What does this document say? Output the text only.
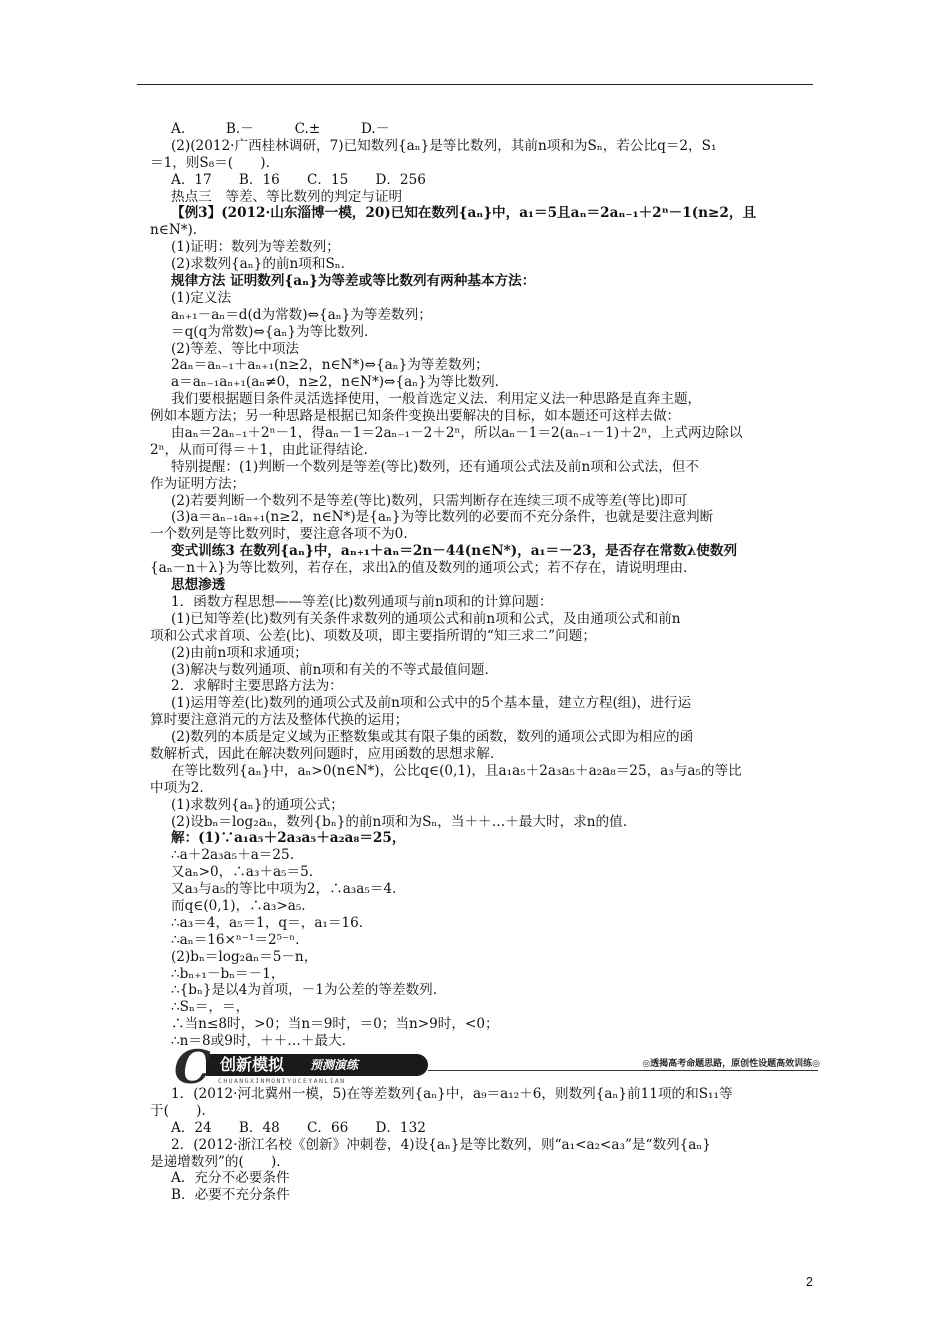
A.　　　B.－　　　C.±　　　D.－
(2)(2012·广西桂林调研，7)已知数列{aₙ}是等比数列，其前n项和为Sₙ，若公比q＝2，S₁
＝1，则S₈＝(　　).
A．17　　B．16　　C．15　　D．256
热点三　等差、等比数列的判定与证明
【例3】(2012·山东淄博一模，20)已知在数列{aₙ}中，a₁＝5且aₙ＝2aₙ₋₁＋2ⁿ－1(n≥2，且
n∈N*).
(1)证明：数列为等差数列；
(2)求数列{aₙ}的前n项和Sₙ.
规律方法 证明数列{aₙ}为等差或等比数列有两种基本方法：
(1)定义法
aₙ₊₁－aₙ＝d(d为常数)⇔{aₙ}为等差数列；
＝q(q为常数)⇔{aₙ}为等比数列.
(2)等差、等比中项法
2aₙ＝aₙ₋₁＋aₙ₊₁(n≥2，n∈N*)⇔{aₙ}为等差数列；
a＝aₙ₋₁aₙ₊₁(aₙ≠0，n≥2，n∈N*)⇔{aₙ}为等比数列.
我们要根据题目条件灵活选择使用，一般首选定义法．利用定义法一种思路是直奔主题，
例如本题方法；另一种思路是根据已知条件变换出要解决的目标，如本题还可这样去做：
由aₙ＝2aₙ₋₁＋2ⁿ－1，得aₙ－1＝2aₙ₋₁－2＋2ⁿ，所以aₙ－1＝2(aₙ₋₁－1)＋2ⁿ，上式两边除以
2ⁿ，从而可得＝＋1，由此证得结论.
特别提醒：(1)判断一个数列是等差(等比)数列，还有通项公式法及前n项和公式法，但不
作为证明方法；
(2)若要判断一个数列不是等差(等比)数列，只需判断存在连续三项不成等差(等比)即可
(3)a＝aₙ₋₁aₙ₊₁(n≥2，n∈N*)是{aₙ}为等比数列的必要而不充分条件，也就是要注意判断
一个数列是等比数列时，要注意各项不为0.
变式训练3 在数列{aₙ}中，aₙ₊₁＋aₙ＝2n－44(n∈N*)，a₁＝－23，是否存在常数λ使数列
{aₙ－n＋λ}为等比数列，若存在，求出λ的值及数列的通项公式；若不存在，请说明理由.
思想渗透
1．函数方程思想——等差(比)数列通项与前n项和的计算问题：
(1)已知等差(比)数列有关条件求数列的通项公式和前n项和公式，及由通项公式和前n
项和公式求首项、公差(比)、项数及项，即主要指所谓的“知三求二”问题；
(2)由前n项和求通项；
(3)解决与数列通项、前n项和有关的不等式最值问题.
2．求解时主要思路方法为：
(1)运用等差(比)数列的通项公式及前n项和公式中的5个基本量，建立方程(组)，进行运
算时要注意消元的方法及整体代换的运用；
(2)数列的本质是定义域为正整数集或其有限子集的函数，数列的通项公式即为相应的函
数解析式，因此在解决数列问题时，应用函数的思想求解.
在等比数列{aₙ}中，aₙ>0(n∈N*)，公比q∈(0,1)，且a₁a₅＋2a₃a₅＋a₂a₈＝25，a₃与a₅的等比
中项为2.
(1)求数列{aₙ}的通项公式；
(2)设bₙ＝log₂aₙ，数列{bₙ}的前n项和为Sₙ，当＋＋…＋最大时，求n的值.
解：(1)∵a₁a₅＋2a₃a₅＋a₂a₈＝25，
∴a＋2a₃a₅＋a＝25.
又aₙ>0，∴a₃＋a₅＝5.
又a₃与a₅的等比中项为2，∴a₃a₅＝4.
而q∈(0,1)，∴a₃>a₅.
∴a₃＝4，a₅＝1，q＝，a₁＝16.
∴aₙ＝16×ⁿ⁻¹＝2⁵⁻ⁿ.
(2)bₙ＝log₂aₙ＝5－n，
∴bₙ₊₁－bₙ＝－1，
∴{bₙ}是以4为首项，－1为公差的等差数列.
∴Sₙ＝，＝，
∴当n≤8时，>0；当n＝9时，＝0；当n>9时，<0；
∴n＝8或9时，＋＋…＋最大.
C 创新模拟 预测演练
CHUANGXINMONIYUCEYANLIAN
◎透揭高考命题思路，原创性设题高效训练◎
1．(2012·河北冀州一模，5)在等差数列{aₙ}中，a₉＝a₁₂＋6，则数列{aₙ}前11项的和S₁₁等
于(　　).
A．24　　B．48　　C．66　　D．132
2．(2012·浙江名校《创新》冲刺卷，4)设{aₙ}是等比数列，则“a₁<a₂<a₃”是“数列{aₙ}
是递增数列”的(　　).
A．充分不必要条件
B．必要不充分条件
2
